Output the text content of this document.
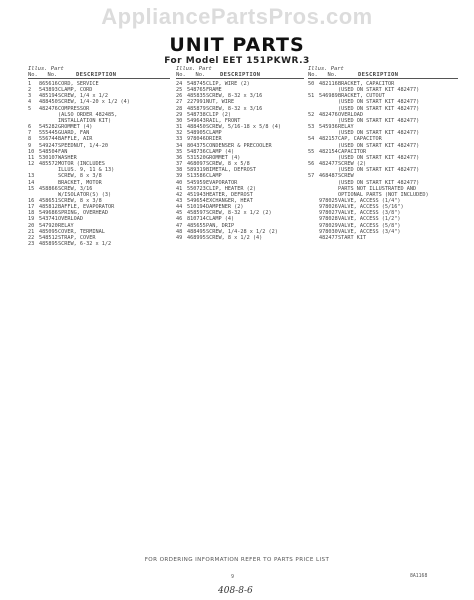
AppliancePartsPros.com
UNIT PARTS
For Model EET 151PKWR.3
Illus. Part
No. No.	DESCRIPTION
1	865616 CORD, SERVICE
2	543893 CLAMP, CORD
3	485194 SCREW, 1/4 x 1/2
4	488450 SCREW, 1/4-20 x 1/2 (4)
5	482476 COMPRESSOR
(ALSO ORDER 482485,
INSTALLATION KIT)
6	545282 GROMMET (4)
7	555445 GUARD, FAN
8	556744 BAFFLE, AIR
9	549247 SPEEDNUT, 1/4-20
10 548504 FAN
11 530107 WASHER
12 485572 MOTOR (INCLUDES
ILLUS. 9, 11 & 13)
13	SCREW, 8 x 3/8
14	BRACKET, MOTOR
15 458866 SCREW, 3/16
W/ISOLATOR(S) (3)
16 458651 SCREW, 8 x 3/8
17 485812 BAFFLE, EVAPORATOR
18 549686 SPRING, OVERHEAD
19 543741 OVERLOAD
20 547920 RELAY
21 485095 COVER, TERMINAL
22 548512 STRAP, COVER
23 485895 SCREW, 6-32 x 1/2
Illus. Part
No. No.	DESCRIPTION
24 548745 CLIP, WIRE (2)
25 548765 FRAME
26 485835 SCREW, 8-32 x 3/16
27 227991 NUT, WIRE
28 485879 SCREW, 8-32 x 3/16
29 548738 CLIP (2)
30 549643 RAIL, FRONT
31 488450 SCREW, 5/16-18 x 5/8 (4)
32 548905 CLAMP
33 978046 DRIER
34 804375 CONDENSER & PRECOOLER
35 548736 CLAMP (4)
36 531520 GROMMET (4)
37 468097 SCREW, 8 x 5/8
38 589319 BIMETAL, DEFROST
39 513586 CLAMP
40 545959 EVAPORATOR
41 550723 CLIP, HEATER (2)
42 451943 HEATER, DEFROST
43 549654 EXCHANGER, HEAT
44 510194 DAMPENER (2)
45 458597 SCREW, 8-32 x 1/2 (2)
46 810714 CLAMP (4)
47 485655 PAN, DRIP
48 488495 SCREW, 1/4-28 x 1/2 (2)
49 468995 SCREW, 8 x 1/2 (4)
Illus. Part
No. No.	DESCRIPTION
50 482116 BRACKET, CAPACITOR
(USED ON START KIT 482477)
51 546989 BRACKET, CUTOUT
(USED ON START KIT 482477)
(USED ON START KIT 482477)
52 482476 OVERLOAD
(USED ON START KIT 482477)
53 545936 RELAY
(USED ON START KIT 482477)
54 482157 CAP, CAPACITOR
(USED ON START KIT 482477)
55 482154 CAPACITOR
(USED ON START KIT 482477)
56 482477 SCREW (2)
(USED ON START KIT 482477)
57 468487 SCREW
(USED ON START KIT 482477)
PARTS NOT ILLUSTRATED AND
OPTIONAL PARTS (NOT INCLUDED)
978025 VALVE, ACCESS (1/4")
978026 VALVE, ACCESS (5/16")
978027 VALVE, ACCESS (3/8")
978028 VALVE, ACCESS (1/2")
978029 VALVE, ACCESS (5/8")
978030 VALVE, ACCESS (3/4")
482477 START KIT
FOR ORDERING INFORMATION REFER TO PARTS PRICE LIST
9	8A1168
408-8-6
